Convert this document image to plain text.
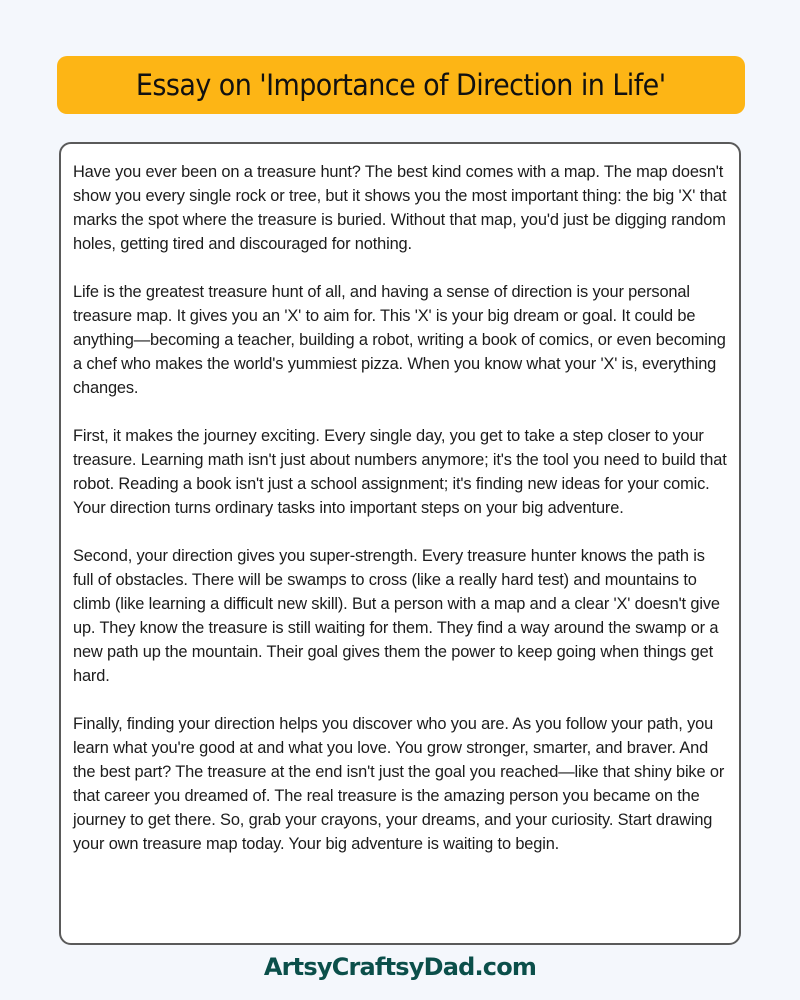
Essay on 'Importance of Direction in Life'

Have you ever been on a treasure hunt? The best kind comes with a map. The map doesn't show you every single rock or tree, but it shows you the most important thing: the big 'X' that marks the spot where the treasure is buried. Without that map, you'd just be digging random holes, getting tired and discouraged for nothing.

Life is the greatest treasure hunt of all, and having a sense of direction is your personal treasure map. It gives you an 'X' to aim for. This 'X' is your big dream or goal. It could be anything—becoming a teacher, building a robot, writing a book of comics, or even becoming a chef who makes the world's yummiest pizza. When you know what your 'X' is, everything changes.

First, it makes the journey exciting. Every single day, you get to take a step closer to your treasure. Learning math isn't just about numbers anymore; it's the tool you need to build that robot. Reading a book isn't just a school assignment; it's finding new ideas for your comic. Your direction turns ordinary tasks into important steps on your big adventure.

Second, your direction gives you super-strength. Every treasure hunter knows the path is full of obstacles. There will be swamps to cross (like a really hard test) and mountains to climb (like learning a difficult new skill). But a person with a map and a clear 'X' doesn't give up. They know the treasure is still waiting for them. They find a way around the swamp or a new path up the mountain. Their goal gives them the power to keep going when things get hard.

Finally, finding your direction helps you discover who you are. As you follow your path, you learn what you're good at and what you love. You grow stronger, smarter, and braver. And the best part? The treasure at the end isn't just the goal you reached—like that shiny bike or that career you dreamed of. The real treasure is the amazing person you became on the journey to get there. So, grab your crayons, your dreams, and your curiosity. Start drawing your own treasure map today. Your big adventure is waiting to begin.

ArtsyCraftsyDad.com
